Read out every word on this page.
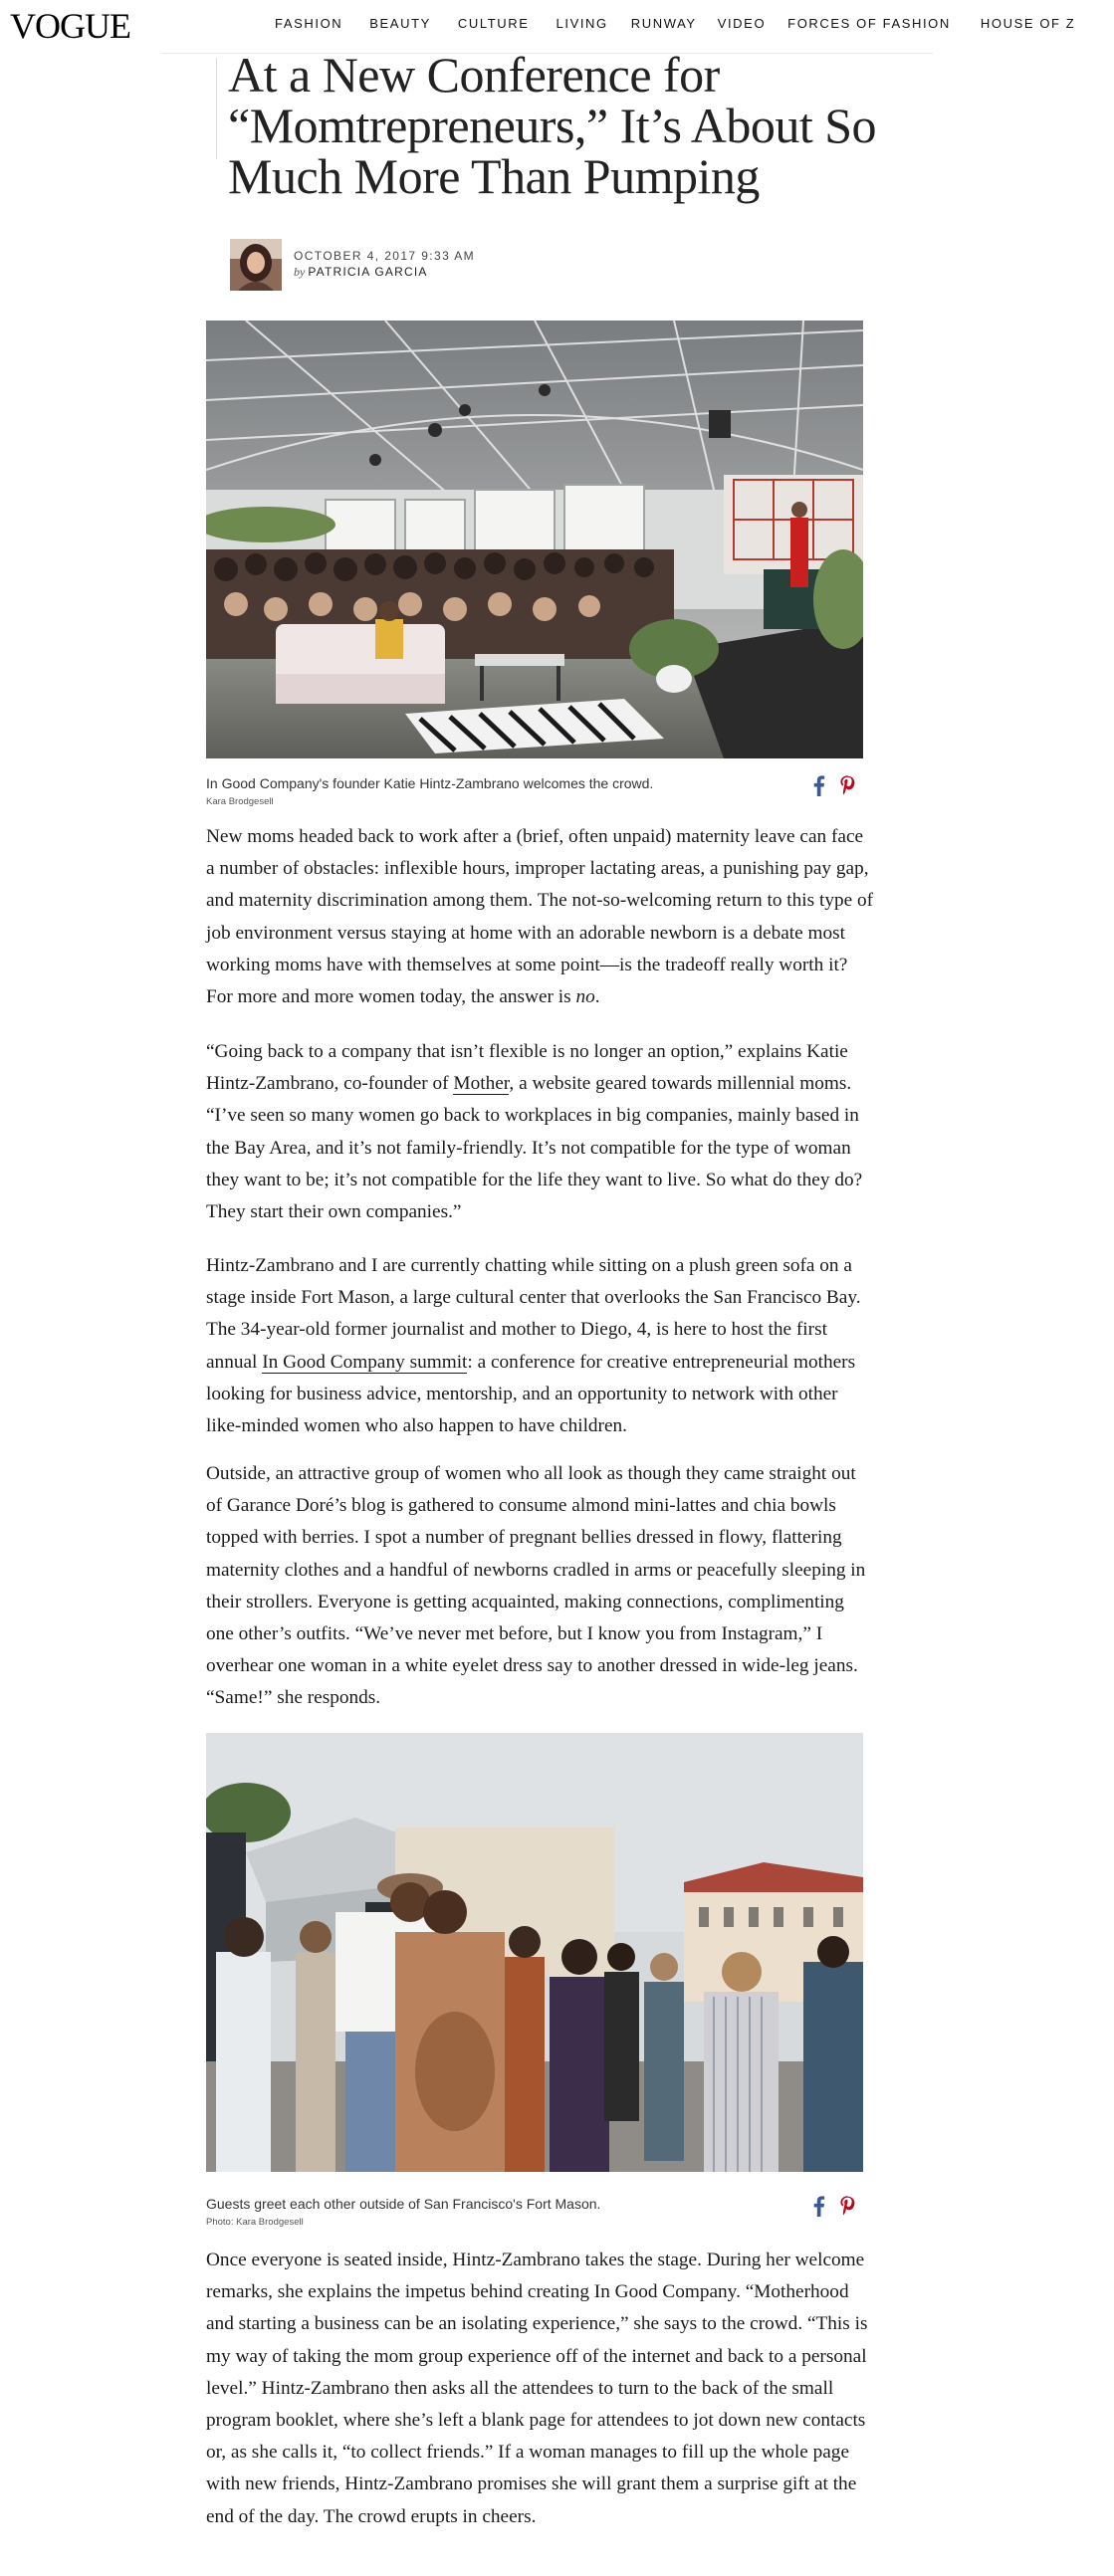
VOGUE	FASHION BEAUTY CULTURE LIVING RUNWAY VIDEO FORCES OF FASHION HOUSE OF Z
At a New Conference for “Momtrepreneurs,” It’s About So Much More Than Pumping
OCTOBER 4, 2017 9:33 AM
by PATRICIA GARCIA
In Good Company's founder Katie Hintz-Zambrano welcomes the crowd.
Kara Brodgesell

New moms headed back to work after a (brief, often unpaid) maternity leave can face a number of obstacles: inflexible hours, improper lactating areas, a punishing pay gap, and maternity discrimination among them. The not-so-welcoming return to this type of job environment versus staying at home with an adorable newborn is a debate most working moms have with themselves at some point—is the tradeoff really worth it? For more and more women today, the answer is no.

“Going back to a company that isn’t flexible is no longer an option,” explains Katie Hintz-Zambrano, co-founder of Mother, a website geared towards millennial moms. “I’ve seen so many women go back to workplaces in big companies, mainly based in the Bay Area, and it’s not family-friendly. It’s not compatible for the type of woman they want to be; it’s not compatible for the life they want to live. So what do they do? They start their own companies.”

Hintz-Zambrano and I are currently chatting while sitting on a plush green sofa on a stage inside Fort Mason, a large cultural center that overlooks the San Francisco Bay. The 34-year-old former journalist and mother to Diego, 4, is here to host the first annual In Good Company summit: a conference for creative entrepreneurial mothers looking for business advice, mentorship, and an opportunity to network with other like-minded women who also happen to have children.

Outside, an attractive group of women who all look as though they came straight out of Garance Doré’s blog is gathered to consume almond mini-lattes and chia bowls topped with berries. I spot a number of pregnant bellies dressed in flowy, flattering maternity clothes and a handful of newborns cradled in arms or peacefully sleeping in their strollers. Everyone is getting acquainted, making connections, complimenting one other’s outfits. “We’ve never met before, but I know you from Instagram,” I overhear one woman in a white eyelet dress say to another dressed in wide-leg jeans. “Same!” she responds.

Guests greet each other outside of San Francisco's Fort Mason.
Photo: Kara Brodgesell

Once everyone is seated inside, Hintz-Zambrano takes the stage. During her welcome remarks, she explains the impetus behind creating In Good Company. “Motherhood and starting a business can be an isolating experience,” she says to the crowd. “This is my way of taking the mom group experience off of the internet and back to a personal level.” Hintz-Zambrano then asks all the attendees to turn to the back of the small program booklet, where she’s left a blank page for attendees to jot down new contacts or, as she calls it, “to collect friends.” If a woman manages to fill up the whole page with new friends, Hintz-Zambrano promises she will grant them a surprise gift at the end of the day. The crowd erupts in cheers.
